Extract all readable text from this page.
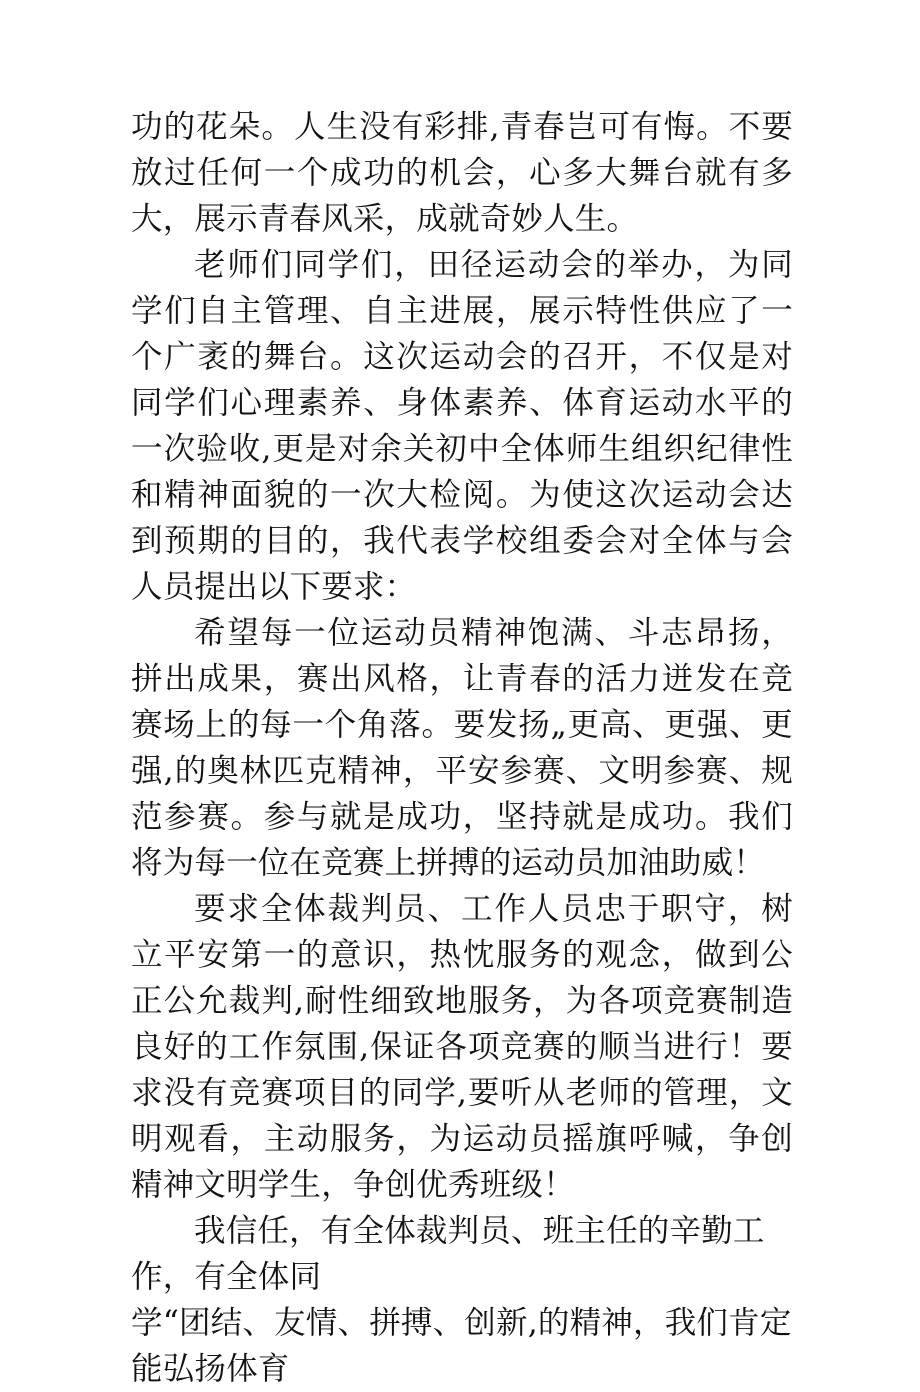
功的花朵。人生没有彩排,青春岂可有悔。不要放过任何一个成功的机会，心多大舞台就有多大，展示青春风采，成就奇妙人生。

老师们同学们，田径运动会的举办，为同学们自主管理、自主进展，展示特性供应了一个广袤的舞台。这次运动会的召开，不仅是对同学们心理素养、身体素养、体育运动水平的一次验收,更是对余关初中全体师生组织纪律性和精神面貌的一次大检阅。为使这次运动会达到预期的目的，我代表学校组委会对全体与会人员提出以下要求：

希望每一位运动员精神饱满、斗志昂扬，拼出成果，赛出风格，让青春的活力迸发在竞赛场上的每一个角落。要发扬„更高、更强、更强,的奥林匹克精神，平安参赛、文明参赛、规范参赛。参与就是成功，坚持就是成功。我们将为每一位在竞赛上拼搏的运动员加油助威！

要求全体裁判员、工作人员忠于职守，树立平安第一的意识，热忱服务的观念，做到公正公允裁判,耐性细致地服务，为各项竞赛制造良好的工作氛围,保证各项竞赛的顺当进行！要求没有竞赛项目的同学,要听从老师的管理，文明观看，主动服务，为运动员摇旗呼喊，争创精神文明学生，争创优秀班级！

我信任，有全体裁判员、班主任的辛勤工作，有全体同
学“团结、友情、拼搏、创新,的精神，我们肯定能弘扬体育
